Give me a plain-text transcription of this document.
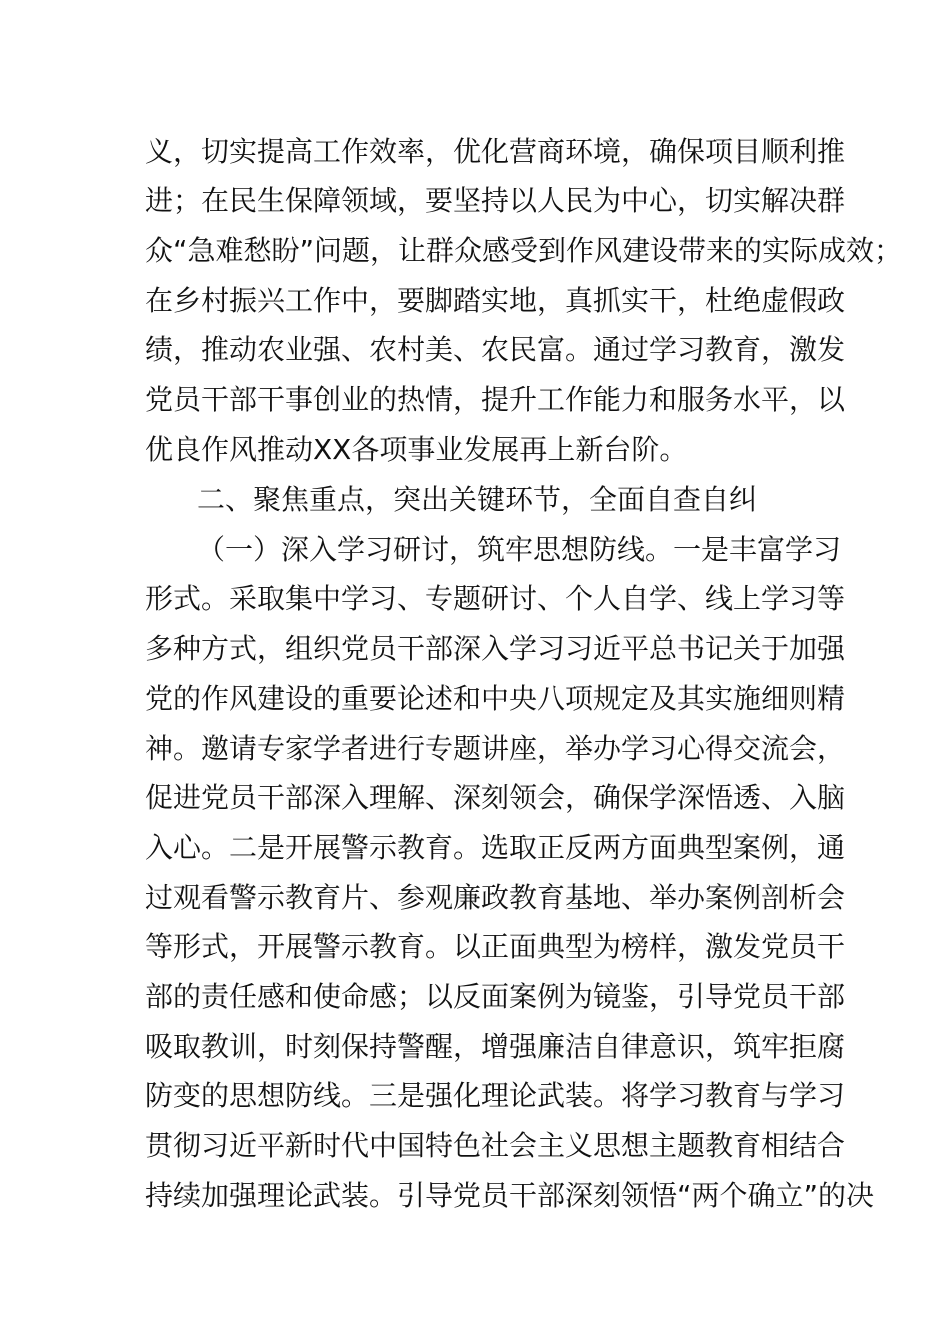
义，切实提高工作效率，优化营商环境，确保项目顺利推
进；在民生保障领域，要坚持以人民为中心，切实解决群
众“急难愁盼”问题，让群众感受到作风建设带来的实际成效；
在乡村振兴工作中，要脚踏实地，真抓实干，杜绝虚假政
绩，推动农业强、农村美、农民富。通过学习教育，激发
党员干部干事创业的热情，提升工作能力和服务水平，以
优良作风推动XX各项事业发展再上新台阶。
二、聚焦重点，突出关键环节，全面自查自纠
（一）深入学习研讨，筑牢思想防线。一是丰富学习
形式。采取集中学习、专题研讨、个人自学、线上学习等
多种方式，组织党员干部深入学习习近平总书记关于加强
党的作风建设的重要论述和中央八项规定及其实施细则精
神。邀请专家学者进行专题讲座，举办学习心得交流会，
促进党员干部深入理解、深刻领会，确保学深悟透、入脑
入心。二是开展警示教育。选取正反两方面典型案例，通
过观看警示教育片、参观廉政教育基地、举办案例剖析会
等形式，开展警示教育。以正面典型为榜样，激发党员干
部的责任感和使命感；以反面案例为镜鉴，引导党员干部
吸取教训，时刻保持警醒，增强廉洁自律意识，筑牢拒腐
防变的思想防线。三是强化理论武装。将学习教育与学习
贯彻习近平新时代中国特色社会主义思想主题教育相结合
持续加强理论武装。引导党员干部深刻领悟“两个确立”的决
